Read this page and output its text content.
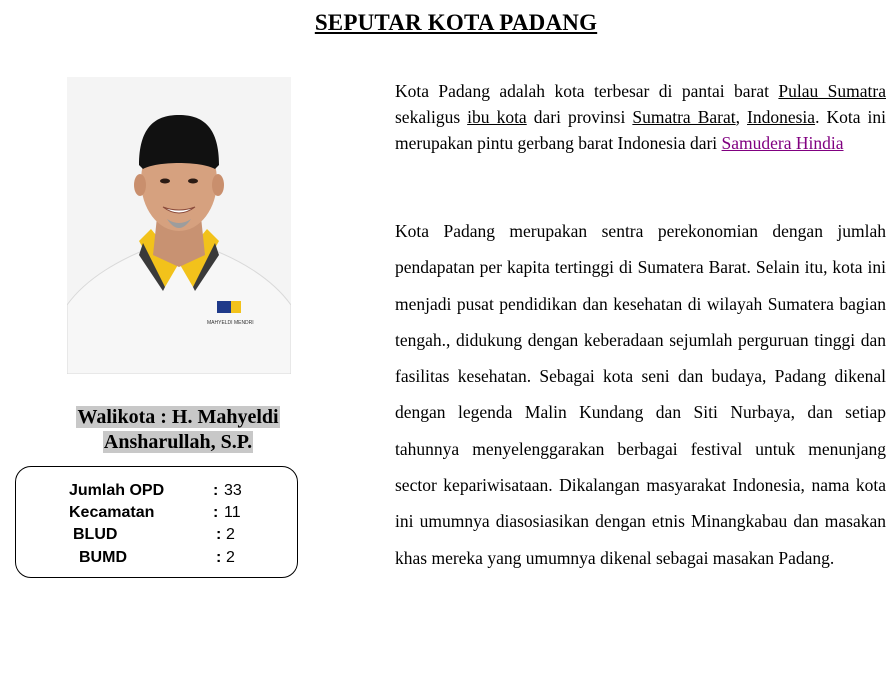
SEPUTAR KOTA PADANG
MAHYELDI MENDRI
Walikota : H. Mahyeldi
Ansharullah, S.P.
Jumlah OPD	: 33
Kecamatan	: 11
BLUD	: 2
BUMD	: 2
Kota Padang adalah kota terbesar di pantai barat Pulau Sumatra sekaligus ibu kota dari provinsi Sumatra Barat, Indonesia. Kota ini merupakan pintu gerbang barat Indonesia dari Samudera Hindia
Kota Padang merupakan sentra perekonomian dengan jumlah pendapatan per kapita tertinggi di Sumatera Barat. Selain itu, kota ini menjadi pusat pendidikan dan kesehatan di wilayah Sumatera bagian tengah., didukung dengan keberadaan sejumlah perguruan tinggi dan fasilitas kesehatan. Sebagai kota seni dan budaya, Padang dikenal dengan legenda Malin Kundang dan Siti Nurbaya, dan setiap tahunnya menyelenggarakan berbagai festival untuk menunjang sector kepariwisataan. Dikalangan masyarakat Indonesia, nama kota ini umumnya diasosiasikan dengan etnis Minangkabau dan masakan khas mereka yang umumnya dikenal sebagai masakan Padang.
